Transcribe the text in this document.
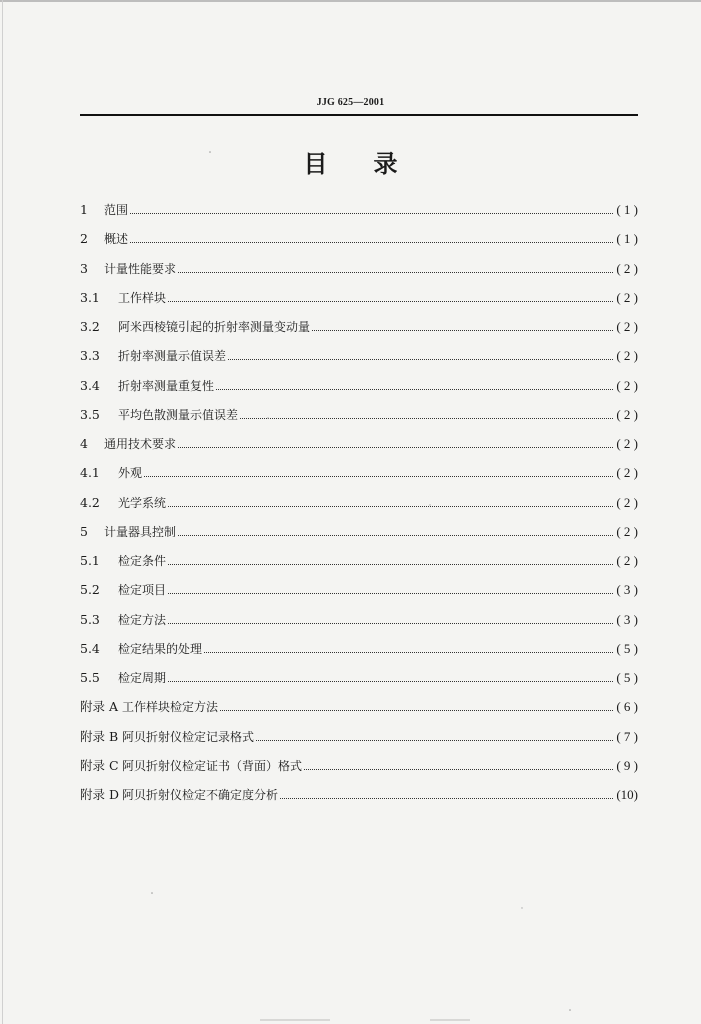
JJG 625—2001
目 录
1	范围	( 1 )
2	概述	( 1 )
3	计量性能要求	( 2 )
3.1	工作样块	( 2 )
3.2	阿米西棱镜引起的折射率测量变动量	( 2 )
3.3	折射率测量示值误差	( 2 )
3.4	折射率测量重复性	( 2 )
3.5	平均色散测量示值误差	( 2 )
4	通用技术要求	( 2 )
4.1	外观	( 2 )
4.2	光学系统	( 2 )
5	计量器具控制	( 2 )
5.1	检定条件	( 2 )
5.2	检定项目	( 3 )
5.3	检定方法	( 3 )
5.4	检定结果的处理	( 5 )
5.5	检定周期	( 5 )
附录 A 工作样块检定方法	( 6 )
附录 B 阿贝折射仪检定记录格式	( 7 )
附录 C 阿贝折射仪检定证书（背面）格式	( 9 )
附录 D 阿贝折射仪检定不确定度分析	(10)
